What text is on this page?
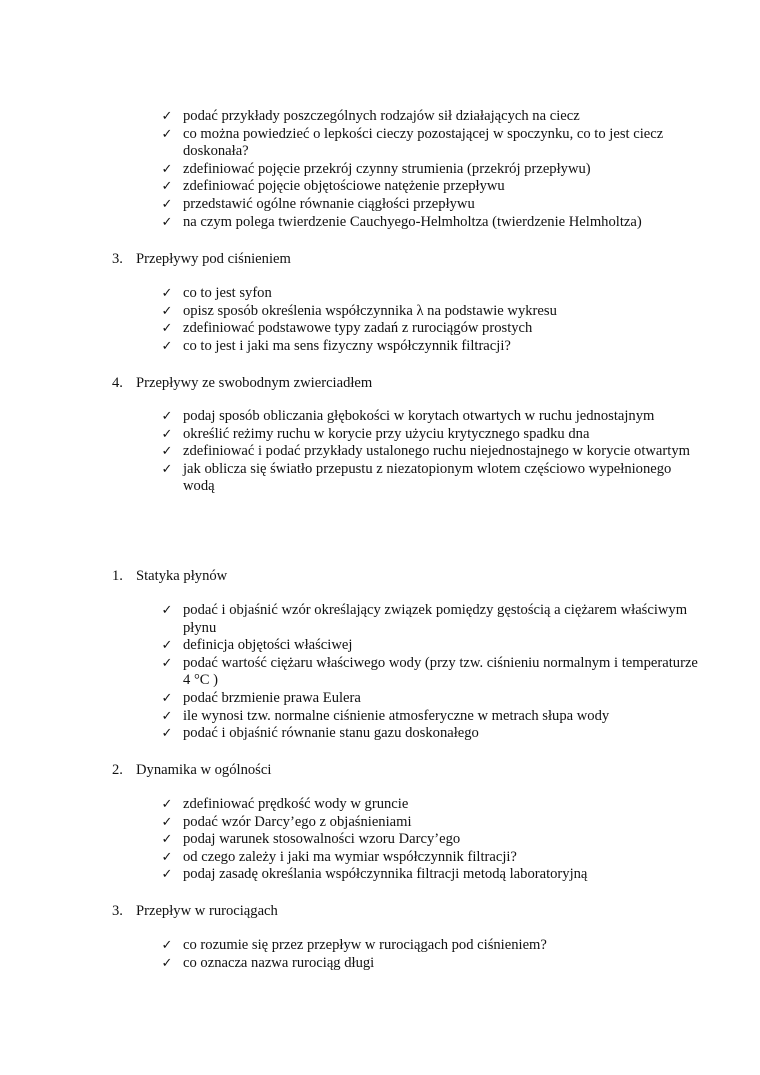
✓ podać przykłady poszczególnych rodzajów sił działających na ciecz
✓ co można powiedzieć o lepkości cieczy pozostającej w spoczynku, co to jest ciecz doskonała?
✓ zdefiniować pojęcie przekrój czynny strumienia (przekrój przepływu)
✓ zdefiniować pojęcie objętościowe natężenie przepływu
✓ przedstawić ogólne równanie ciągłości przepływu
✓ na czym polega twierdzenie Cauchyego-Helmholtza (twierdzenie Helmholtza)
3. Przepływy pod ciśnieniem
✓ co to jest syfon
✓ opisz sposób określenia współczynnika λ na podstawie wykresu
✓ zdefiniować podstawowe typy zadań z rurociągów prostych
✓ co to jest i jaki ma sens fizyczny współczynnik filtracji?
4. Przepływy ze swobodnym zwierciadłem
✓ podaj sposób obliczania głębokości w korytach otwartych w ruchu jednostajnym
✓ określić reżimy ruchu w korycie przy użyciu krytycznego spadku dna
✓ zdefiniować i podać przykłady ustalonego ruchu niejednostajnego w korycie otwartym
✓ jak oblicza się światło przepustu z niezatopionym wlotem częściowo wypełnionego wodą
1. Statyka płynów
✓ podać i objaśnić wzór określający związek pomiędzy gęstością a ciężarem właściwym płynu
✓ definicja objętości właściwej
✓ podać wartość ciężaru właściwego wody (przy tzw. ciśnieniu normalnym i temperaturze 4 °C )
✓ podać brzmienie prawa Eulera
✓ ile wynosi tzw. normalne ciśnienie atmosferyczne w metrach słupa wody
✓ podać i objaśnić równanie stanu gazu doskonałego
2. Dynamika w ogólności
✓ zdefiniować prędkość wody w gruncie
✓ podać wzór Darcy’ego z objaśnieniami
✓ podaj warunek stosowalności wzoru Darcy’ego
✓ od czego zależy i jaki ma wymiar współczynnik filtracji?
✓ podaj zasadę określania współczynnika filtracji metodą laboratoryjną
3. Przepływ w rurociągach
✓ co rozumie się przez przepływ w rurociągach pod ciśnieniem?
✓ co oznacza nazwa rurociąg długi
